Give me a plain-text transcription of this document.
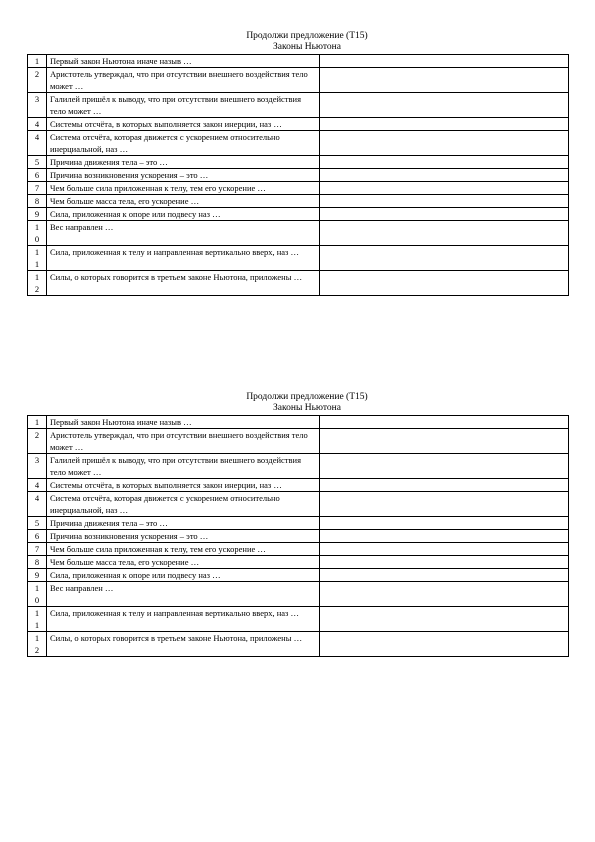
Продолжи предложение (Т15)
Законы Ньютона
1	Первый закон Ньютона иначе назыв …	

2	Аристотель утверждал, что при отсутствии внешнего воздействия тело может …	

3	Галилей пришёл к выводу, что при отсутствии внешнего воздействия тело может …	

4	Системы отсчёта, в которых выполняется закон инерции, наз …	

4	Система отсчёта, которая движется с ускорением относительно инерциальной, наз …	

5	Причина движения тела – это …	

6	Причина возникновения ускорения – это …	

7	Чем больше сила приложенная к телу, тем его ускорение …	

8	Чем больше масса тела, его ускорение …	

9	Сила, приложенная к опоре или подвесу наз …	

1
0	Вес направлен …	

1
1	Сила, приложенная к телу и направленная вертикально вверх, наз …	

1
2	Силы, о которых говорится в третьем законе Ньютона, приложены …	
Продолжи предложение (Т15)
Законы Ньютона
1	Первый закон Ньютона иначе назыв …	

2	Аристотель утверждал, что при отсутствии внешнего воздействия тело может …	

3	Галилей пришёл к выводу, что при отсутствии внешнего воздействия тело может …	

4	Системы отсчёта, в которых выполняется закон инерции, наз …	

4	Система отсчёта, которая движется с ускорением относительно инерциальной, наз …	

5	Причина движения тела – это …	

6	Причина возникновения ускорения – это …	

7	Чем больше сила приложенная к телу, тем его ускорение …	

8	Чем больше масса тела, его ускорение …	

9	Сила, приложенная к опоре или подвесу наз …	

1
0	Вес направлен …	

1
1	Сила, приложенная к телу и направленная вертикально вверх, наз …	

1
2	Силы, о которых говорится в третьем законе Ньютона, приложены …	
